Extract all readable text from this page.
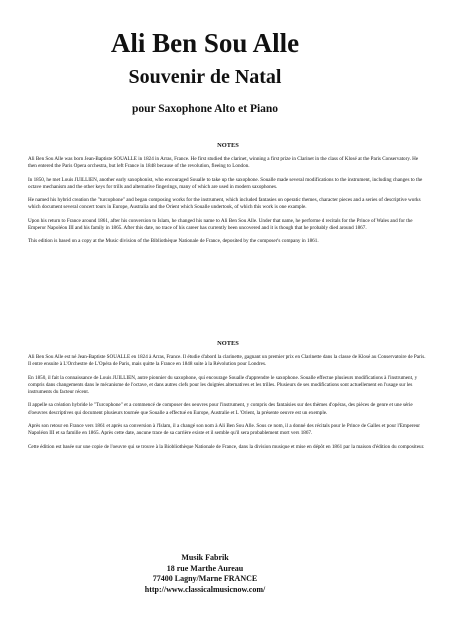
Ali Ben Sou Alle
Souvenir de Natal
pour Saxophone Alto et Piano
NOTES

Ali Ben Sou Alle was born Jean-Baptiste SOUALLE in 1824 in Arras, France. He first studied the clarinet, winning a first prize in Clarinet in the class of Klosé at the Paris Conservatory. He then entered the Paris Opera orchestra, but left France in 1848 because of the revolution, fleeing to London.

In 1850, he met Louis JUILLIEN, another early saxophonist, who encouraged Soualle to take up the saxophone. Soualle made several modifications to the instrument, including changes to the octave mechanism and the other keys for trills and alternative fingerings, many of which are used in modern saxophones.

He named his hybrid creation the "turcophone" and began composing works for the instrument, which included fantasies on operatic themes, character pieces and a series of descriptive works which document several concert tours in Europe, Australia and the Orient which Soualle undertook, of which this work is one example.

Upon his return to France around 1861, after his conversion to Islam, he changed his name to Ali Ben Sou Alle. Under that name, he performe d recitals for the Prince of Wales and for the Emperor Napoléon III and his family in 1865. After this date, no trace of his career has currently been uncovered and it is though that he probably died around 1867.

This edition is based on a copy at the Music division of the Bibliothèque Nationale de France, deposited by the composer's company in 1861.

NOTES

Ali Ben Sou Alle est né Jean-Baptiste SOUALLE en 1824 à Arras, France. Il étudie d'abord la clarinette, gagnant un premier prix en Clarinette dans la classe de Klosé au Conservatoire de Paris. Il entre ensuite à L'Orchestre de L'Opéra de Paris, mais quitte la France en 1848 suite à la Révolution pour Londres.

En 1850, il fait la connaissance de Louis JUILLIEN, autre pionnier du saxophone, qui encourage Soualle d'apprendre le saxophone. Soualle effectue plusieurs modifications à l'instrument, y compris dans changements dans le mécanisme de l'octave, et dans autres clefs pour les doigtées alternatives et les trilles. Plusieurs de ses modifications sont actuellement en l'usage sur les instruments du facteur récent.

Il appelle sa création hybride le "Turcophone" et a commencé de composer des oeuvres pour l'instrument, y compris des fantaisies sur des thèmes d'opéras, des pièces de genre et une série d'oeuvres descriptives qui document plusieurs tournée que Soualle a effectué en Europe, Australie et L 'Orient, la présente oeuvre est un exemple.

Après son retour en France vers 1861 et après sa conversion à l'Islam, il a changé son nom à Ali Ben Sou Alle. Sous ce nom, il a donné des récitals pour le Prince de Galles et pour l'Empereur Napoléon III et sa famille en 1865. Après cette date, aucune trace de sa carrière existe et il semble qu'il sera probablement mort vers 1867.

Cette édition est basée sur une copie de l'oeuvre qui se trouve à la Biobliothèque Nationale de France, dans la division musique et mise en dépôt en 1861 par la maison d'édition du compositeur.

Musik Fabrik
18 rue Marthe Aureau
77400 Lagny/Marne FRANCE
http://www.classicalmusicnow.com/
